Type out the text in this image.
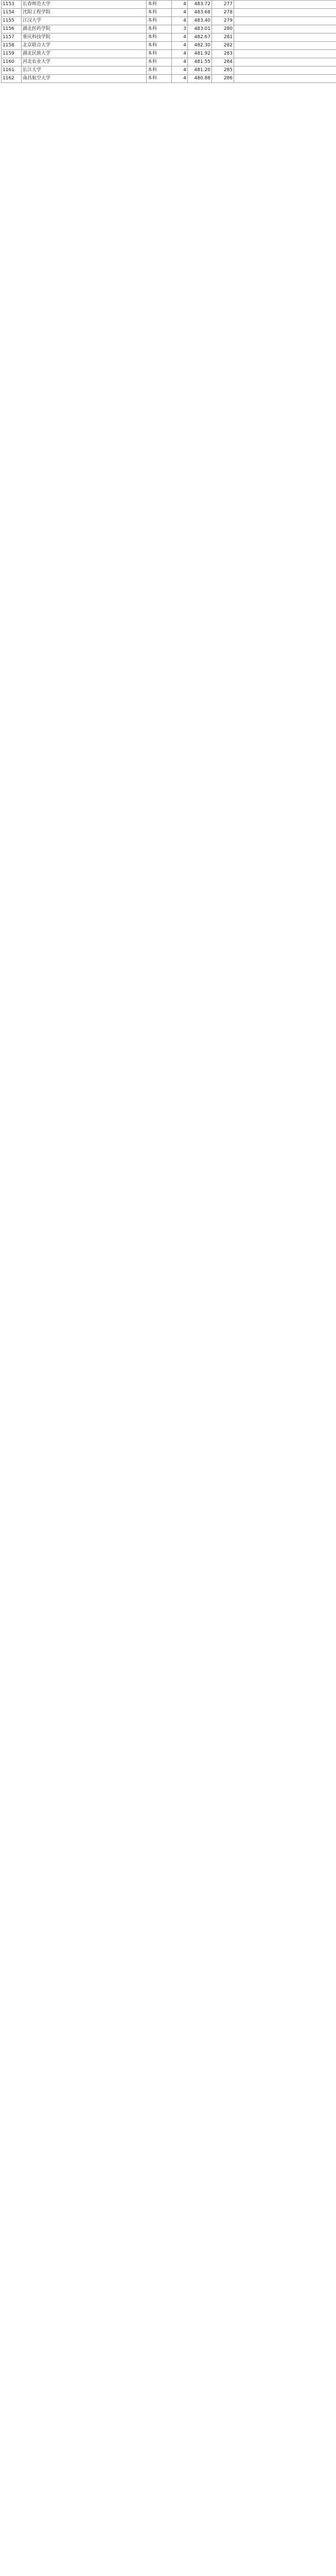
1153	长春师范大学	本科	4	483.72	277	
1154	沈阳工程学院	本科	4	483.68	278	
1155	江汉大学	本科	4	483.40	279	
1156	湖北医药学院	本科	3	483.01	280	
1157	重庆科技学院	本科	4	482.67	281	
1158	北京联合大学	本科	4	482.30	282	
1159	湖北民族大学	本科	4	481.92	283	
1160	河北农业大学	本科	4	481.55	284	
1161	长江大学	本科	4	481.20	285	
1162	南昌航空大学	本科	4	480.88	286	
